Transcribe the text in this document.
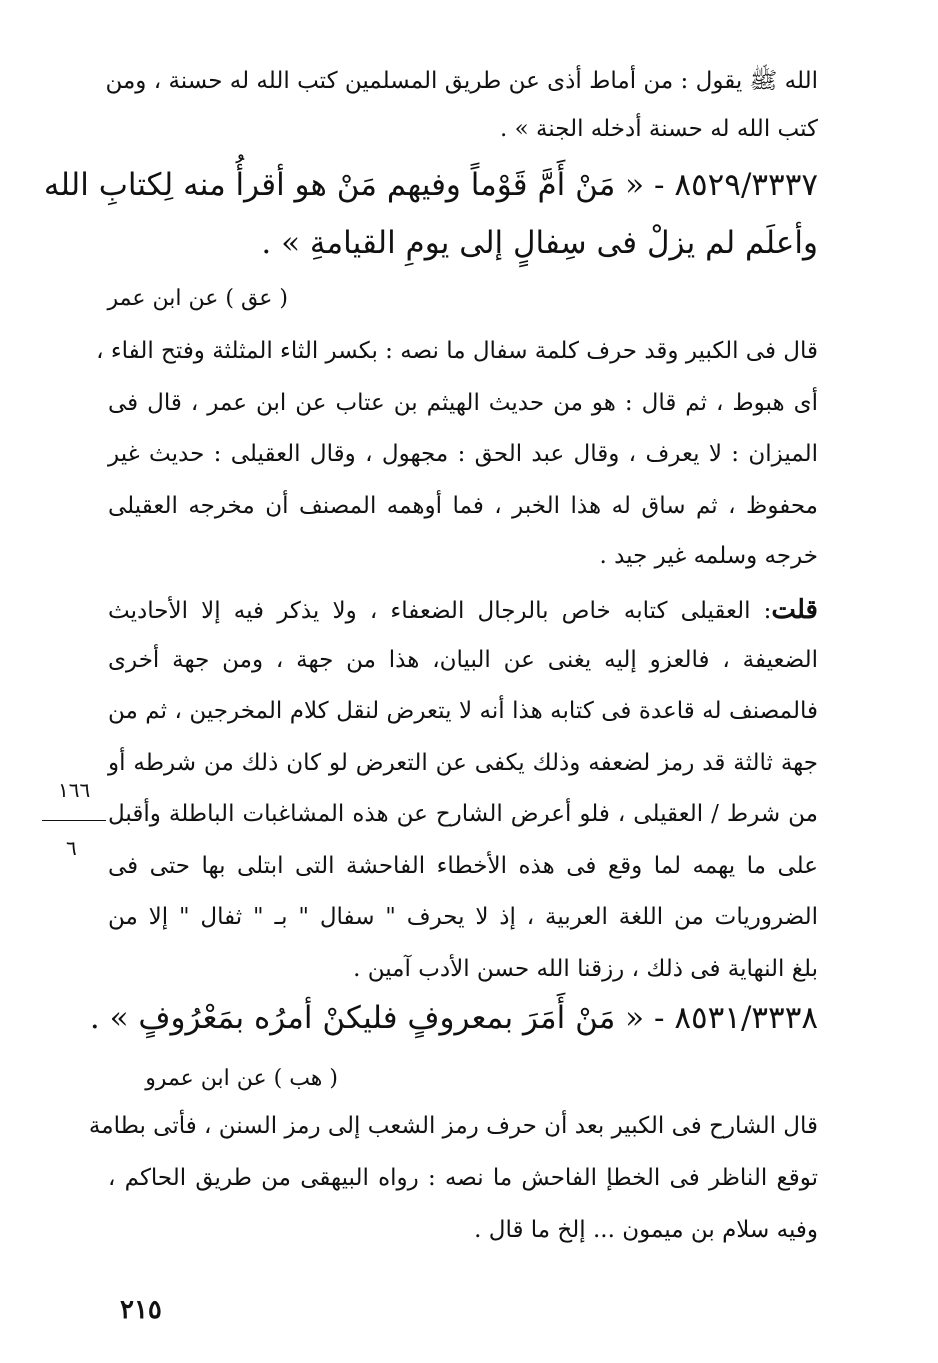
الله ﷺ يقول : من أماط أذى عن طريق المسلمين كتب الله له حسنة ، ومن
كتب الله له حسنة أدخله الجنة » .
٨٥٢٩/٣٣٣٧ - « مَنْ أَمَّ قَوْماً وفيهم مَنْ هو أقرأُ منه لِكتابِ الله
وأعلَم لم يزلْ فى سِفالٍ إلى يومِ القيامةِ » .
( عق ) عن ابن عمر
قال فى الكبير وقد حرف كلمة سفال ما نصه : بكسر الثاء المثلثة وفتح الفاء ،
أى هبوط ، ثم قال : هو من حديث الهيثم بن عتاب عن ابن عمر ، قال فى
الميزان : لا يعرف ، وقال عبد الحق : مجهول ، وقال العقيلى : حديث غير
محفوظ ، ثم ساق له هذا الخبر ، فما أوهمه المصنف أن مخرجه العقيلى
خرجه وسلمه غير جيد .
قلت: العقيلى كتابه خاص بالرجال الضعفاء ، ولا يذكر فيه إلا الأحاديث
الضعيفة ، فالعزو إليه يغنى عن البيان، هذا من جهة ، ومن جهة أخرى
فالمصنف له قاعدة فى كتابه هذا أنه لا يتعرض لنقل كلام المخرجين ، ثم من
جهة ثالثة قد رمز لضعفه وذلك يكفى عن التعرض لو كان ذلك من شرطه أو
من شرط / العقيلى ، فلو أعرض الشارح عن هذه المشاغبات الباطلة وأقبل
على ما يهمه لما وقع فى هذه الأخطاء الفاحشة التى ابتلى بها حتى فى
الضروريات من اللغة العربية ، إذ لا يحرف " سفال " بـ " ثفال " إلا من
بلغ النهاية فى ذلك ، رزقنا الله حسن الأدب آمين .
٨٥٣١/٣٣٣٨ - « مَنْ أَمَرَ بمعروفٍ فليكنْ أمرُه بمَعْرُوفٍ » .
( هب ) عن ابن عمرو
قال الشارح فى الكبير بعد أن حرف رمز الشعب إلى رمز السنن ، فأتى بطامة
توقع الناظر فى الخطإ الفاحش ما نصه : رواه البيهقى من طريق الحاكم ،
وفيه سلام بن ميمون ... إلخ ما قال .
١٦٦
٦
٢١٥
